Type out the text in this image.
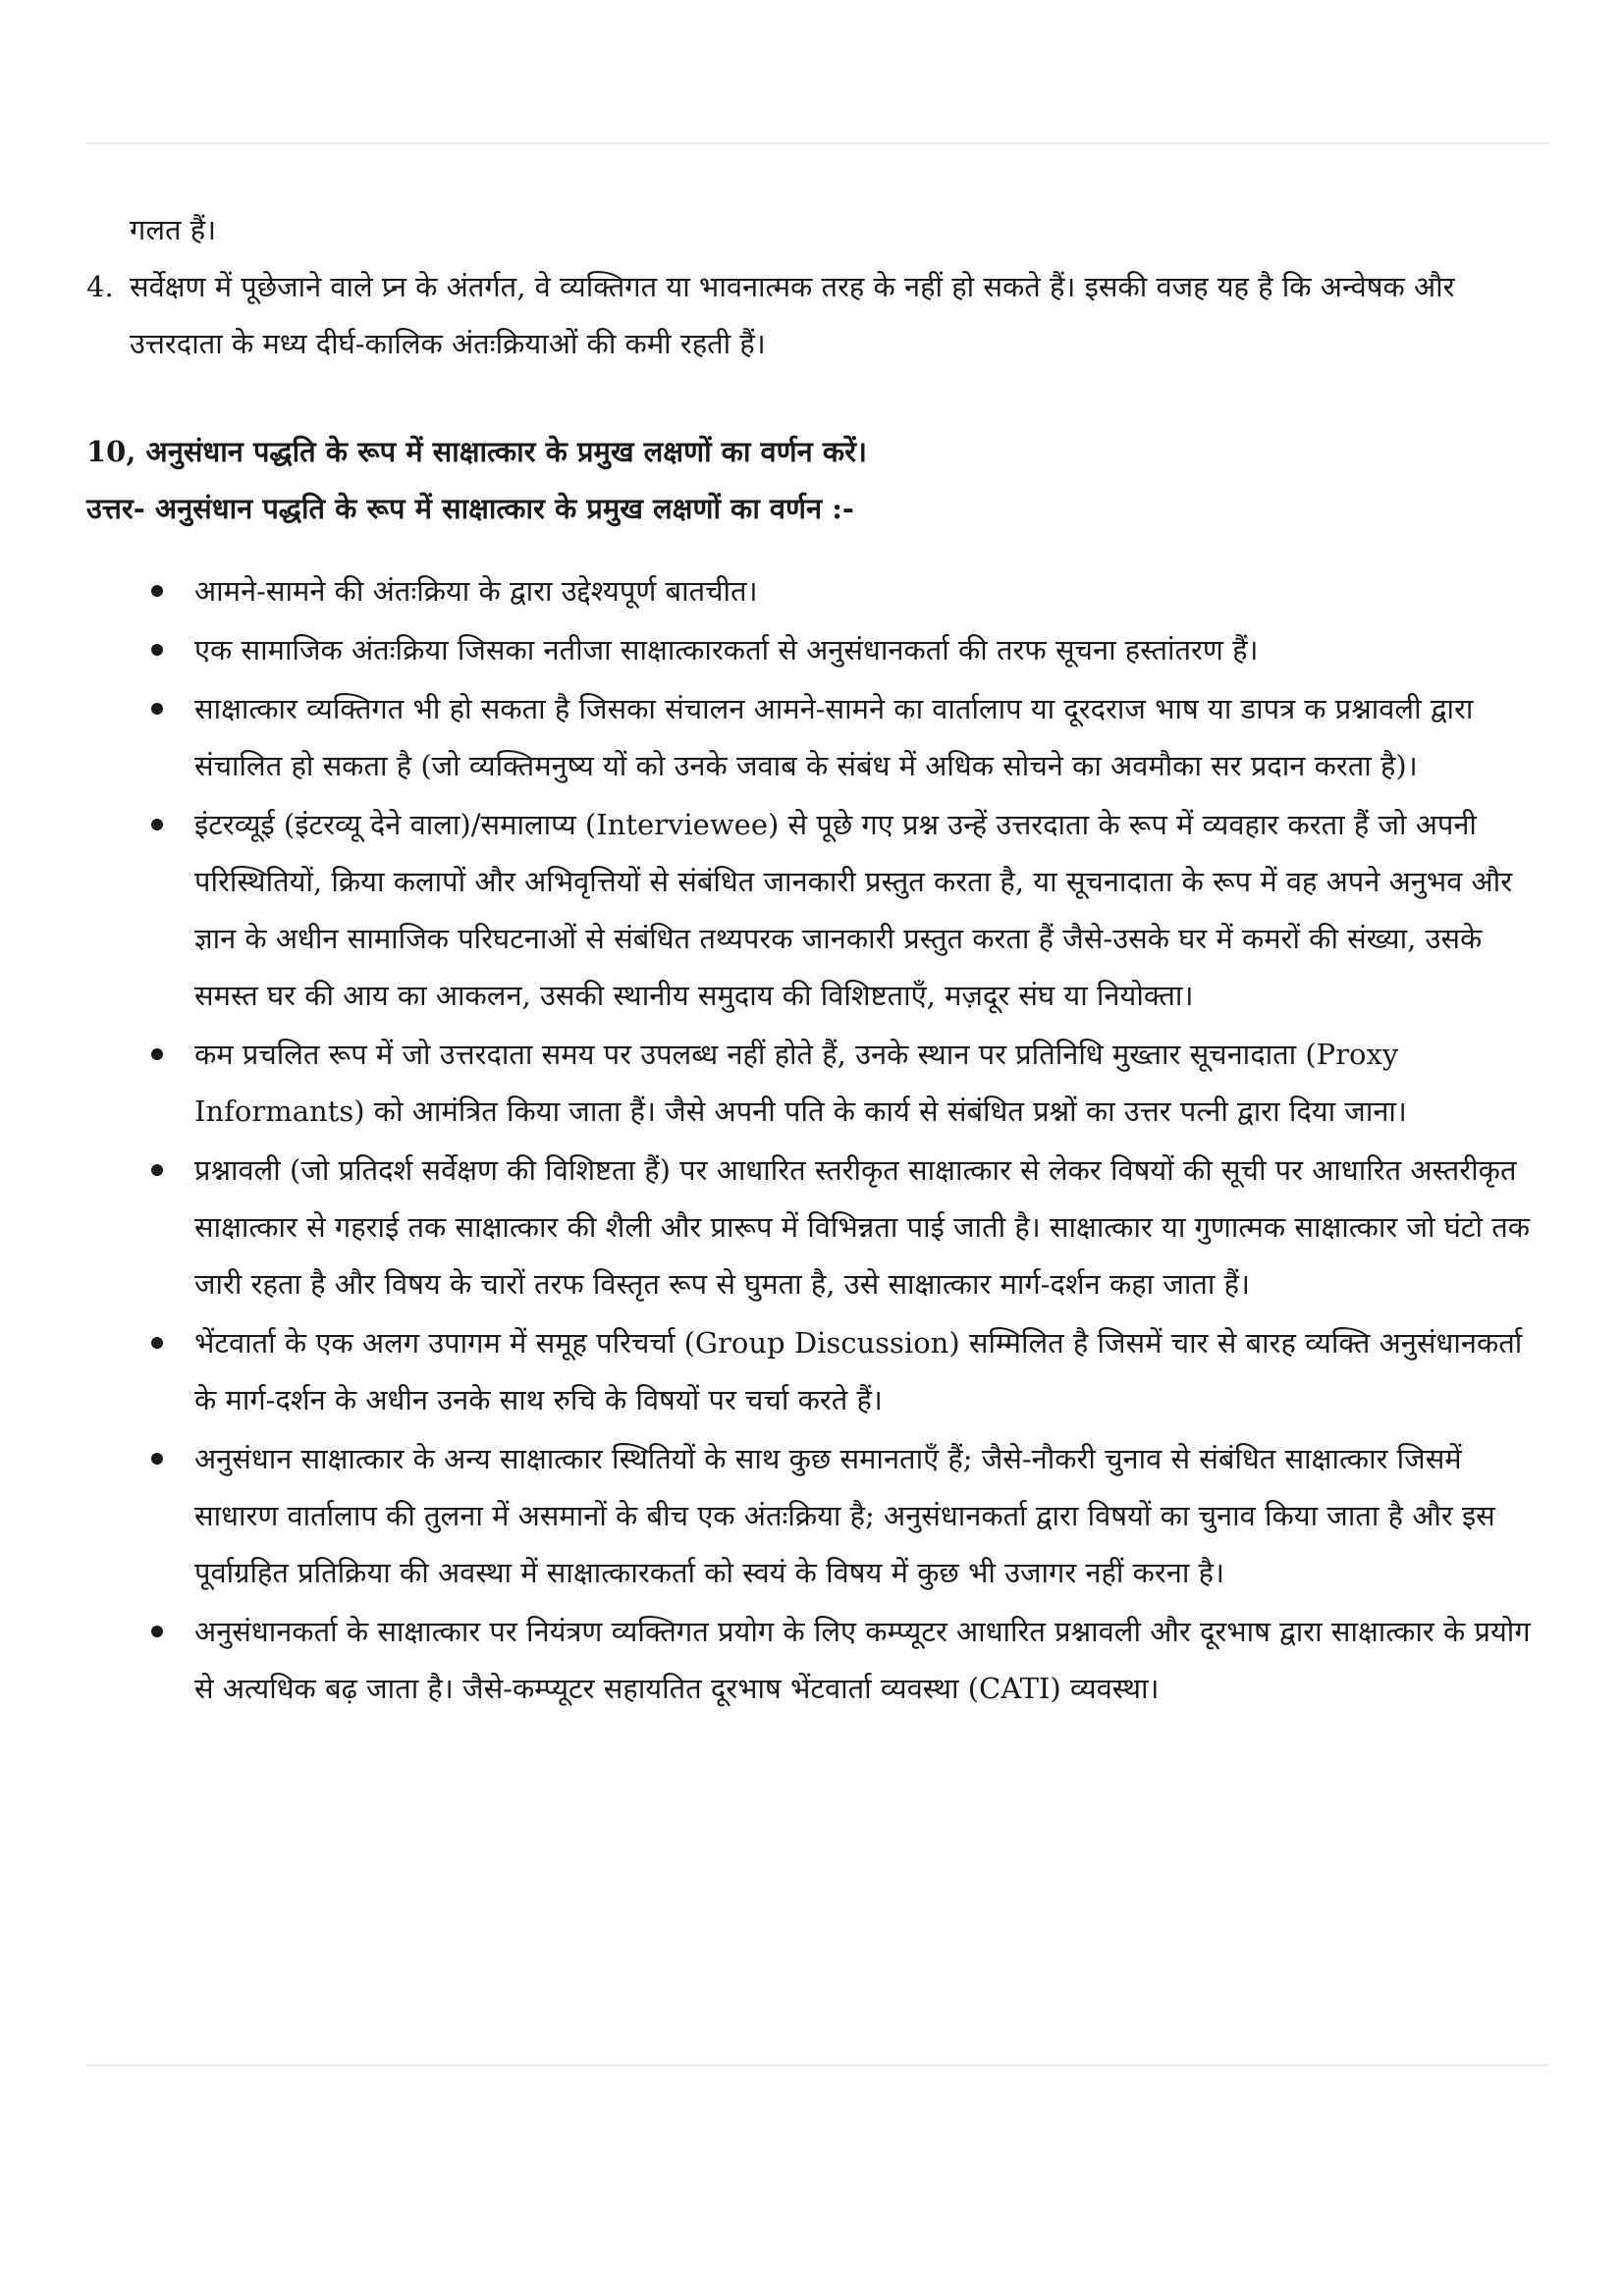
गलत हैं।

4. सर्वेक्षण में पूछेजाने वाले प्र्न के अंतर्गत, वे व्यक्तिगत या भावनात्मक तरह के नहीं हो सकते हैं। इसकी वजह यह है कि अन्वेषक और उत्तरदाता के मध्य दीर्घ-कालिक अंतःक्रियाओं की कमी रहती हैं।

10, अनुसंधान पद्धति के रूप में साक्षात्कार के प्रमुख लक्षणों का वर्णन करें।

उत्तर- अनुसंधान पद्धति के रूप में साक्षात्कार के प्रमुख लक्षणों का वर्णन :-

आमने-सामने की अंतःक्रिया के द्वारा उद्देश्यपूर्ण बातचीत।
एक सामाजिक अंतःक्रिया जिसका नतीजा साक्षात्कारकर्ता से अनुसंधानकर्ता की तरफ सूचना हस्तांतरण हैं।
साक्षात्कार व्यक्तिगत भी हो सकता है जिसका संचालन आमने-सामने का वार्तालाप या दूरदराज भाष या डापत्र क प्रश्नावली द्वारा संचालित हो सकता है (जो व्यक्तिमनुष्य यों को उनके जवाब के संबंध में अधिक सोचने का अवमौका सर प्रदान करता है)।
इंटरव्यूई (इंटरव्यू देने वाला)/समालाप्य (Interviewee) से पूछे गए प्रश्न उन्हें उत्तरदाता के रूप में व्यवहार करता हैं जो अपनी परिस्थितियों, क्रिया कलापों और अभिवृत्तियों से संबंधित जानकारी प्रस्तुत करता है, या सूचनादाता के रूप में वह अपने अनुभव और ज्ञान के अधीन सामाजिक परिघटनाओं से संबंधित तथ्यपरक जानकारी प्रस्तुत करता हैं जैसे-उसके घर में कमरों की संख्या, उसके समस्त घर की आय का आकलन, उसकी स्थानीय समुदाय की विशिष्टताएँ, मज़दूर संघ या नियोक्ता।
कम प्रचलित रूप में जो उत्तरदाता समय पर उपलब्ध नहीं होते हैं, उनके स्थान पर प्रतिनिधि मुख्तार सूचनादाता (Proxy Informants) को आमंत्रित किया जाता हैं। जैसे अपनी पति के कार्य से संबंधित प्रश्नों का उत्तर पत्नी द्वारा दिया जाना।
प्रश्नावली (जो प्रतिदर्श सर्वेक्षण की विशिष्टता हैं) पर आधारित स्तरीकृत साक्षात्कार से लेकर विषयों की सूची पर आधारित अस्तरीकृत साक्षात्कार से गहराई तक साक्षात्कार की शैली और प्रारूप में विभिन्नता पाई जाती है। साक्षात्कार या गुणात्मक साक्षात्कार जो घंटो तक जारी रहता है और विषय के चारों तरफ विस्तृत रूप से घुमता है, उसे साक्षात्कार मार्ग-दर्शन कहा जाता हैं।
भेंटवार्ता के एक अलग उपागम में समूह परिचर्चा (Group Discussion) सम्मिलित है जिसमें चार से बारह व्यक्ति अनुसंधानकर्ता के मार्ग-दर्शन के अधीन उनके साथ रुचि के विषयों पर चर्चा करते हैं।
अनुसंधान साक्षात्कार के अन्य साक्षात्कार स्थितियों के साथ कुछ समानताएँ हैं; जैसे-नौकरी चुनाव से संबंधित साक्षात्कार जिसमें साधारण वार्तालाप की तुलना में असमानों के बीच एक अंतःक्रिया है; अनुसंधानकर्ता द्वारा विषयों का चुनाव किया जाता है और इस पूर्वाग्रहित प्रतिक्रिया की अवस्था में साक्षात्कारकर्ता को स्वयं के विषय में कुछ भी उजागर नहीं करना है।
अनुसंधानकर्ता के साक्षात्कार पर नियंत्रण व्यक्तिगत प्रयोग के लिए कम्प्यूटर आधारित प्रश्नावली और दूरभाष द्वारा साक्षात्कार के प्रयोग से अत्यधिक बढ़ जाता है। जैसे-कम्प्यूटर सहायतित दूरभाष भेंटवार्ता व्यवस्था (CATI) व्यवस्था।
